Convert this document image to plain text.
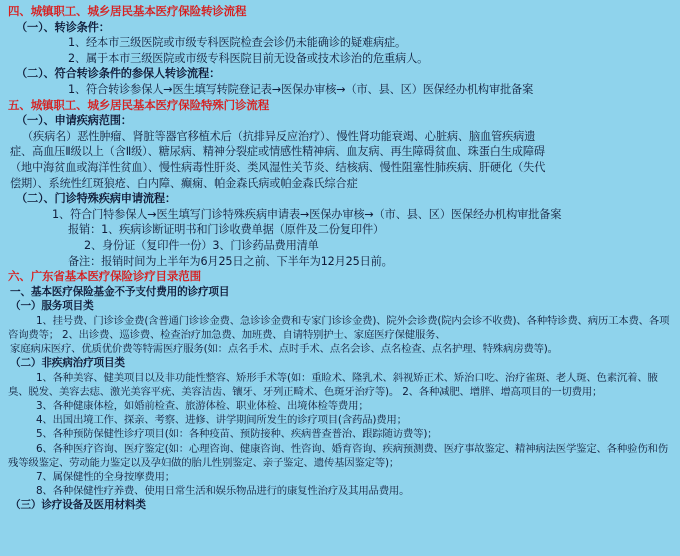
四、城镇职工、城乡居民基本医疗保险转诊流程
（一）、转诊条件：
1、经本市三级医院或市级专科医院检查会诊仍未能确诊的疑难病症。
2、属于本市三级医院或市级专科医院目前无设备或技术诊治的危重病人。
（二）、符合转诊条件的参保人转诊流程：
1、符合转诊参保人→医生填写转院登记表→医保办审核→（市、县、区）医保经办机构审批备案
五、城镇职工、城乡居民基本医疗保险特殊门诊流程
（一）、申请疾病范围：
（疾病名）恶性肿瘤、肾脏等器官移植术后（抗排异反应治疗）、慢性肾功能衰竭、心脏病、脑血管疾病遗
症、高血压Ⅱ级以上（含Ⅱ级）、糖尿病、精神分裂症或情感性精神病、血友病、再生障碍贫血、珠蛋白生成障碍
（地中海贫血或海洋性贫血）、慢性病毒性肝炎、类风湿性关节炎、结核病、慢性阻塞性肺疾病、肝硬化（失代
偿期）、系统性红斑狼疮、白内障、癫痫、帕金森氏病或帕金森氏综合症
（二）、门诊特殊疾病申请流程：
1、符合门特参保人→医生填写门诊特殊疾病申请表→医保办审核→（市、县、区）医保经办机构审批备案
报销：1、疾病诊断证明书和门诊收费单据（原件及二份复印件）
2、身份证（复印件一份）3、门诊药品费用清单
备注：报销时间为上半年为6月25日之前、下半年为12月25日前。
六、广东省基本医疗保险诊疗目录范围
一、基本医疗保险基金不予支付费用的诊疗项目
（一）服务项目类
1、挂号费、门诊诊金费(含普通门诊诊金费、急诊诊金费和专家门诊诊金费)、院外会诊费(院内会诊不收费)、各种特诊费、病历工本费、各项咨询费等； 2、出诊费、巡诊费、检查治疗加急费、加班费、自请特别护士、家庭医疗保健服务、
家庭病床医疗、优质优价费等特需医疗服务(如：点名手术、点时手术、点名会诊、点名检查、点名护理、特殊病房费等)。
（二）非疾病治疗项目类
1、各种美容、健美项目以及非功能性整容、矫形手术等(如：重睑术、隆乳术、斜视矫正术、矫治口吃、治疗雀斑、老人斑、色素沉着、腋臭、脱发、美容去痣、激光美容平疣、美容洁齿、镶牙、牙列正畸术、色斑牙治疗等)。 2、各种减肥、增胖、增高项目的一切费用；
3、各种健康体检，如婚前检查、旅游体检、职业体检、出境体检等费用；
4、出国出境工作、探亲、考察、进修、讲学期间所发生的诊疗项目(含药品)费用；
5、各种预防保健性诊疗项目(如：各种疫苗、预防接种、疾病普查普治、跟踪随访费等)；
6、各种医疗咨询、医疗鉴定(如：心理咨询、健康咨询、性咨询、婚育咨询、疾病预测费、医疗事故鉴定、精神病法医学鉴定、各种验伤和伤残等级鉴定、劳动能力鉴定以及孕妇做的胎儿性别鉴定、亲子鉴定、遗传基因鉴定等)；
7、属保健性的全身按摩费用；
8、各种保健性疗养费、使用日常生活和娱乐物品进行的康复性治疗及其用品费用。
（三）诊疗设备及医用材料类
